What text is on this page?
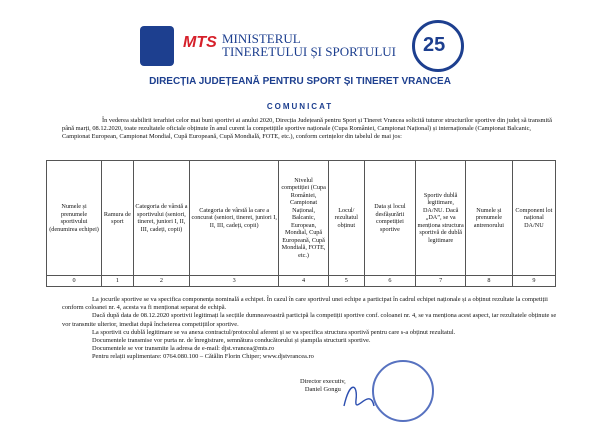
MTS MINISTERUL
TINERETULUI ȘI SPORTULUI 25
DIRECȚIA JUDEȚEANĂ PENTRU SPORT ȘI TINERET VRANCEA
COMUNICAT
În vederea stabilirii ierarhiei celor mai buni sportivi ai anului 2020, Direcția Județeană pentru Sport și Tineret Vrancea solicită tuturor structurilor sportive din județ să transmită până marți, 08.12.2020, toate rezultatele oficiale obținute în anul curent la competițiile sportive naționale (Cupa României, Campionat Național) și internaționale (Campionat Balcanic, Campionat European, Campionat Mondial, Cupă Europeană, Cupă Mondială, FOTE, etc.), conform cerințelor din tabelul de mai jos:
Numele și prenumele sportivului (denumirea echipei)	Ramura de sport	Categoria de vârstă a sportivului (seniori, tineret, juniori I, II, III, cadeți, copii)	Categoria de vârstă la care a concurat (seniori, tineret, juniori I, II, III, cadeți, copii)	Nivelul competiției (Cupa României, Campionat Național, Balcanic, European, Mondial, Cupă Europeană, Cupă Mondială, FOTE, etc.)	Locul/ rezultatul obținut	Data și locul desfășurării competiției sportive	Sportiv dublă legitimare, DA/NU. Dacă „DA”, se va menționa structura sportivă de dublă legitimare	Numele și prenumele antrenorului	Component lot național DA/NU
0	1	2	3	4	5	6	7	8	9

La jocurile sportive se va specifica componența nominală a echipei. În cazul în care sportivul unei echipe a participat în cadrul echipei naționale și a obținut rezultate la competiții conform coloanei nr. 4, acesta va fi menționat separat de echipă.

Dacă după data de 08.12.2020 sportivii legitimați la secțiile dumneavoastră participă la competiții sportive conf. coloanei nr. 4, se va menționa acest aspect, iar rezultatele obținute se vor transmite ulterior, imediat după încheierea competițiilor sportive.

La sportivii cu dublă legitimare se va anexa contractul/protocolul aferent și se va specifica structura sportivă pentru care s-a obținut rezultatul.

Documentele transmise vor purta nr. de înregistrare, semnătura conducătorului și ștampila structurii sportive.

Documentele se vor transmite la adresa de e-mail: djst.vrancea@mts.ro

Pentru relații suplimentare: 0764.080.100 – Cătălin Florin Chiper; www.djstvrancea.ro

Director executiv,
Daniel Gongu
